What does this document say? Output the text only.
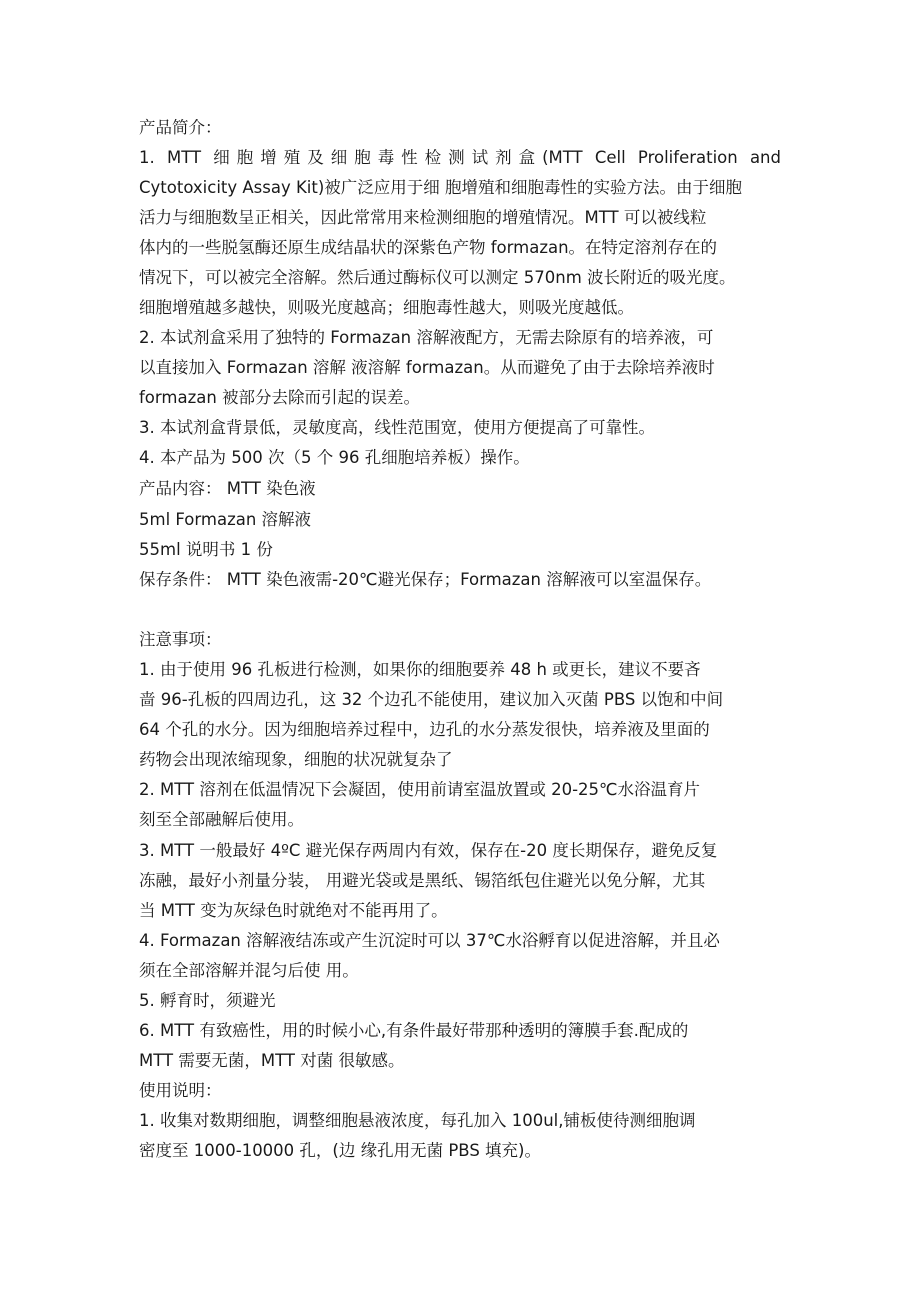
产品简介：
1. MTT 细胞增殖及细胞毒性检测试剂盒(MTT Cell Proliferation and
Cytotoxicity Assay Kit)被广泛应用于细 胞增殖和细胞毒性的实验方法。由于细胞
活力与细胞数呈正相关，因此常常用来检测细胞的增殖情况。MTT 可以被线粒
体内的一些脱氢酶还原生成结晶状的深紫色产物 formazan。在特定溶剂存在的
情况下，可以被完全溶解。然后通过酶标仪可以测定 570nm 波长附近的吸光度。
细胞增殖越多越快，则吸光度越高；细胞毒性越大，则吸光度越低。
2. 本试剂盒采用了独特的 Formazan 溶解液配方，无需去除原有的培养液，可
以直接加入 Formazan 溶解 液溶解 formazan。从而避免了由于去除培养液时
formazan 被部分去除而引起的误差。
3. 本试剂盒背景低，灵敏度高，线性范围宽，使用方便提高了可靠性。
4. 本产品为 500 次（5 个 96 孔细胞培养板）操作。
产品内容： MTT 染色液
5ml Formazan 溶解液
55ml 说明书 1 份
保存条件： MTT 染色液需-20℃避光保存；Formazan 溶解液可以室温保存。
注意事项：
1. 由于使用 96 孔板进行检测，如果你的细胞要养 48 h 或更长，建议不要吝
啬 96-孔板的四周边孔，这 32 个边孔不能使用，建议加入灭菌 PBS 以饱和中间
64 个孔的水分。因为细胞培养过程中，边孔的水分蒸发很快，培养液及里面的
药物会出现浓缩现象，细胞的状况就复杂了
2. MTT 溶剂在低温情况下会凝固，使用前请室温放置或 20-25℃水浴温育片
刻至全部融解后使用。
3. MTT 一般最好 4ºC 避光保存两周内有效，保存在-20 度长期保存，避免反复
冻融，最好小剂量分装， 用避光袋或是黑纸、锡箔纸包住避光以免分解，尤其
当 MTT 变为灰绿色时就绝对不能再用了。
4. Formazan 溶解液结冻或产生沉淀时可以 37℃水浴孵育以促进溶解，并且必
须在全部溶解并混匀后使 用。
5. 孵育时，须避光
6. MTT 有致癌性，用的时候小心,有条件最好带那种透明的簿膜手套.配成的
MTT 需要无菌，MTT 对菌 很敏感。
使用说明：
1. 收集对数期细胞，调整细胞悬液浓度，每孔加入 100ul,铺板使待测细胞调
密度至 1000-10000 孔，(边 缘孔用无菌 PBS 填充)。
